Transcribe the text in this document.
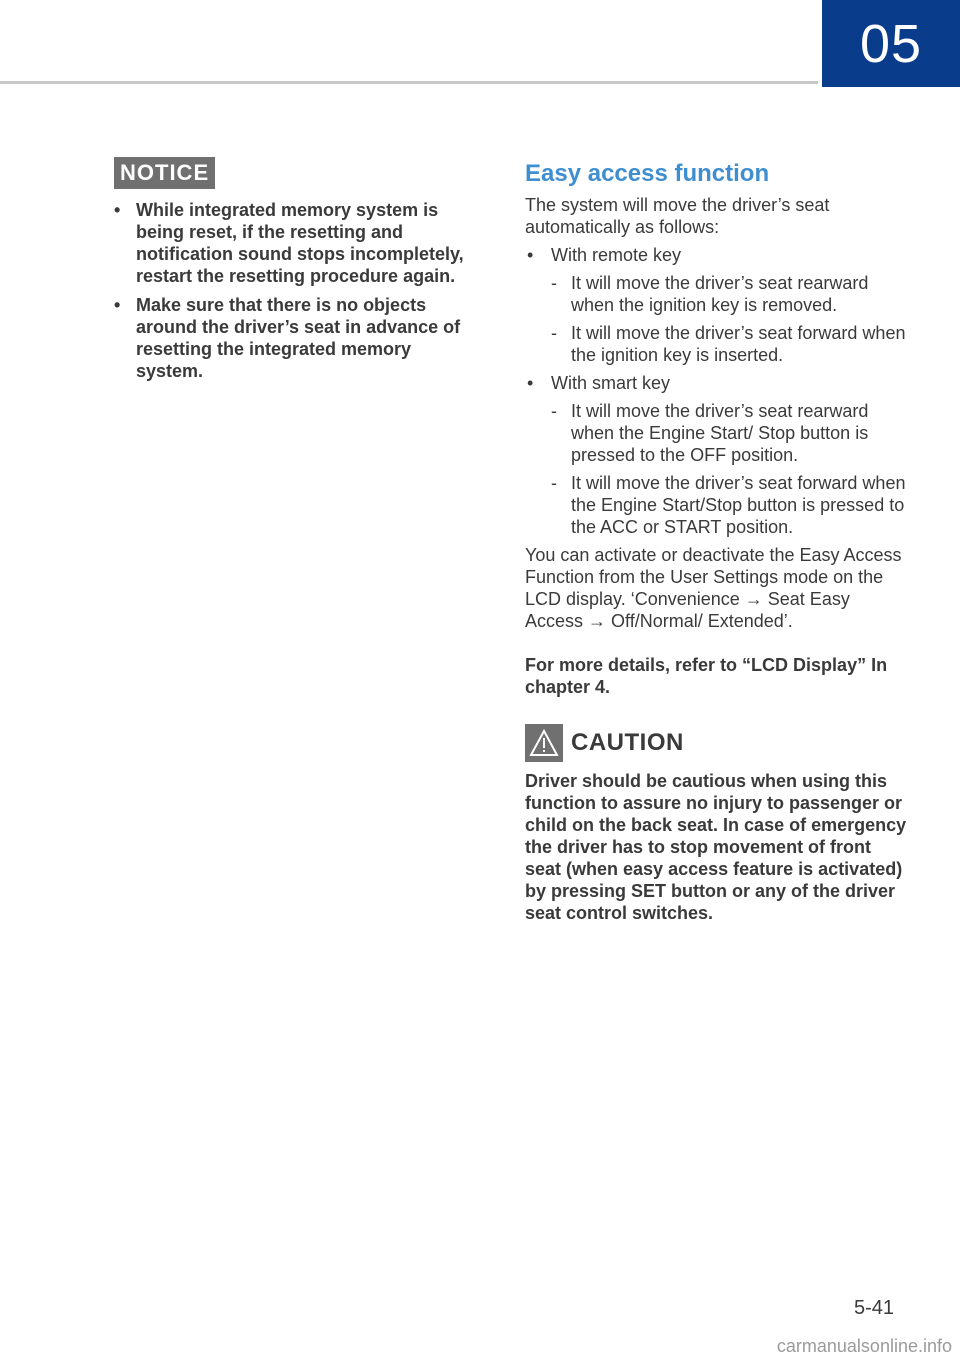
05
NOTICE
• While integrated memory system is being reset, if the resetting and notification sound stops incompletely, restart the resetting procedure again.
• Make sure that there is no objects around the driver’s seat in advance of resetting the integrated memory system.
Easy access function

The system will move the driver’s seat automatically as follows:

• With remote key
- It will move the driver’s seat rearward when the ignition key is removed.
- It will move the driver’s seat forward when the ignition key is inserted.
• With smart key
- It will move the driver’s seat rearward when the Engine Start/ Stop button is pressed to the OFF position.
- It will move the driver’s seat forward when the Engine Start/Stop button is pressed to the ACC or START position.

You can activate or deactivate the Easy Access Function from the User Settings mode on the LCD display. ‘Convenience → Seat Easy Access → Off/Normal/ Extended’.

For more details, refer to “LCD Display” In chapter 4.

CAUTION

Driver should be cautious when using this function to assure no injury to passenger or child on the back seat. In case of emergency the driver has to stop movement of front seat (when easy access feature is activated) by pressing SET button or any of the driver seat control switches.

5-41
carmanualsonline.info
